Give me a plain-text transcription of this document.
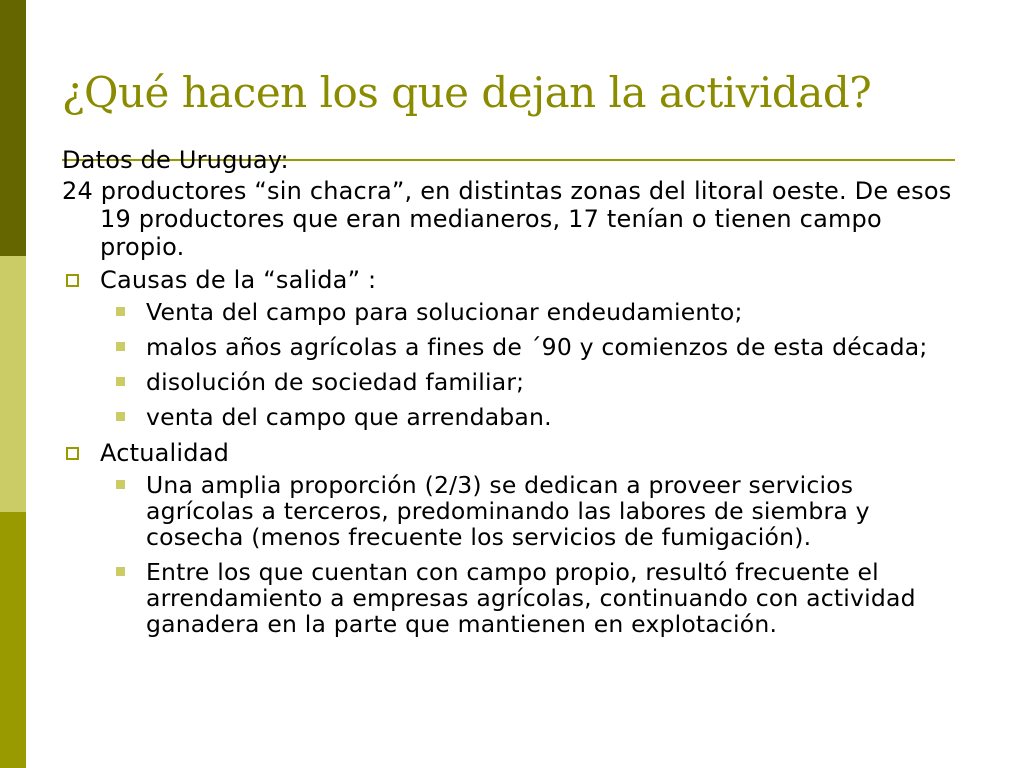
¿Qué hacen los que dejan la actividad?

Datos de Uruguay:

24 productores “sin chacra”, en distintas zonas del litoral oeste. De esos 19 productores que eran medianeros, 17 tenían o tienen campo propio.

Causas de la “salida” :
Venta del campo para solucionar endeudamiento;
malos años agrícolas a fines de ´90 y comienzos de esta década;
disolución de sociedad familiar;
venta del campo que arrendaban.
Actualidad
Una amplia proporción (2/3) se dedican a proveer servicios agrícolas a terceros, predominando las labores de siembra y cosecha (menos frecuente los servicios de fumigación).
Entre los que cuentan con campo propio, resultó frecuente el arrendamiento a empresas agrícolas, continuando con actividad ganadera en la parte que mantienen en explotación.
